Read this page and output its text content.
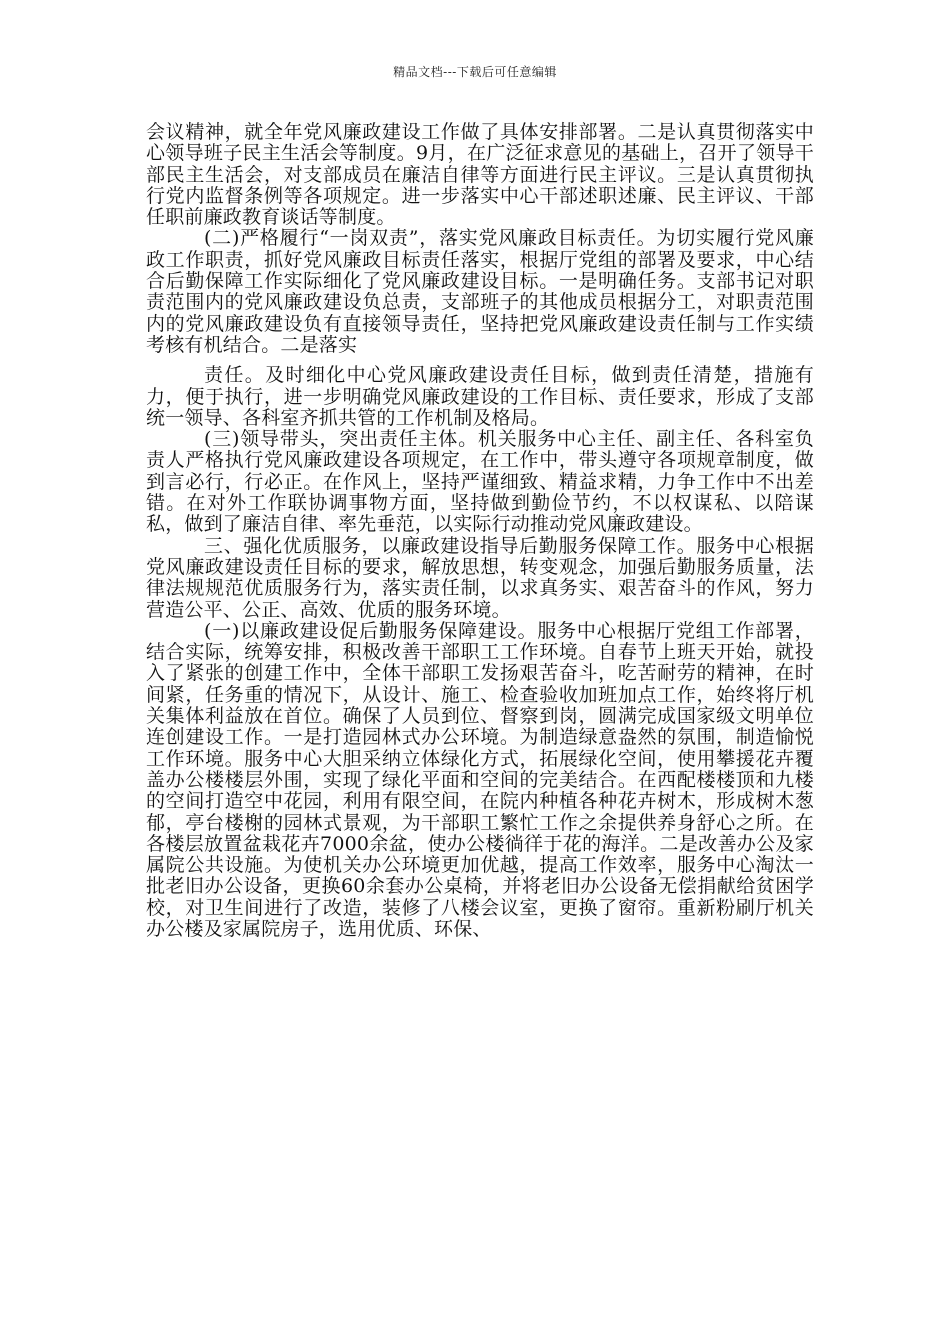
精品文档---下载后可任意编辑

会议精神，就全年党风廉政建设工作做了具体安排部署。二是认真贯彻落实中心领导班子民主生活会等制度。9月，在广泛征求意见的基础上，召开了领导干部民主生活会，对支部成员在廉洁自律等方面进行民主评议。三是认真贯彻执行党内监督条例等各项规定。进一步落实中心干部述职述廉、民主评议、干部任职前廉政教育谈话等制度。

(二)严格履行“一岗双责”，落实党风廉政目标责任。为切实履行党风廉政工作职责，抓好党风廉政目标责任落实，根据厅党组的部署及要求，中心结合后勤保障工作实际细化了党风廉政建设目标。一是明确任务。支部书记对职责范围内的党风廉政建设负总责，支部班子的其他成员根据分工，对职责范围内的党风廉政建设负有直接领导责任，坚持把党风廉政建设责任制与工作实绩考核有机结合。二是落实

责任。及时细化中心党风廉政建设责任目标，做到责任清楚，措施有力，便于执行，进一步明确党风廉政建设的工作目标、责任要求，形成了支部统一领导、各科室齐抓共管的工作机制及格局。

(三)领导带头，突出责任主体。机关服务中心主任、副主任、各科室负责人严格执行党风廉政建设各项规定，在工作中，带头遵守各项规章制度，做到言必行，行必正。在作风上，坚持严谨细致、精益求精，力争工作中不出差错。在对外工作联协调事物方面，坚持做到勤俭节约，不以权谋私、以陪谋私，做到了廉洁自律、率先垂范，以实际行动推动党风廉政建设。

三、强化优质服务，以廉政建设指导后勤服务保障工作。服务中心根据党风廉政建设责任目标的要求，解放思想，转变观念，加强后勤服务质量，法律法规规范优质服务行为，落实责任制，以求真务实、艰苦奋斗的作风，努力营造公平、公正、高效、优质的服务环境。

(一)以廉政建设促后勤服务保障建设。服务中心根据厅党组工作部署，结合实际，统筹安排，积极改善干部职工工作环境。自春节上班天开始，就投入了紧张的创建工作中，全体干部职工发扬艰苦奋斗，吃苦耐劳的精神，在时间紧，任务重的情况下，从设计、施工、检查验收加班加点工作，始终将厅机关集体利益放在首位。确保了人员到位、督察到岗，圆满完成国家级文明单位连创建设工作。一是打造园林式办公环境。为制造绿意盎然的氛围，制造愉悦工作环境。服务中心大胆采纳立体绿化方式，拓展绿化空间，使用攀援花卉覆盖办公楼楼层外围，实现了绿化平面和空间的完美结合。在西配楼楼顶和九楼的空间打造空中花园，利用有限空间，在院内种植各种花卉树木，形成树木葱郁，亭台楼榭的园林式景观，为干部职工繁忙工作之余提供养身舒心之所。在各楼层放置盆栽花卉7000余盆，使办公楼徜徉于花的海洋。二是改善办公及家属院公共设施。为使机关办公环境更加优越，提高工作效率，服务中心淘汰一批老旧办公设备，更换60余套办公桌椅，并将老旧办公设备无偿捐献给贫困学校，对卫生间进行了改造，装修了八楼会议室，更换了窗帘。重新粉刷厅机关办公楼及家属院房子，选用优质、环保、
